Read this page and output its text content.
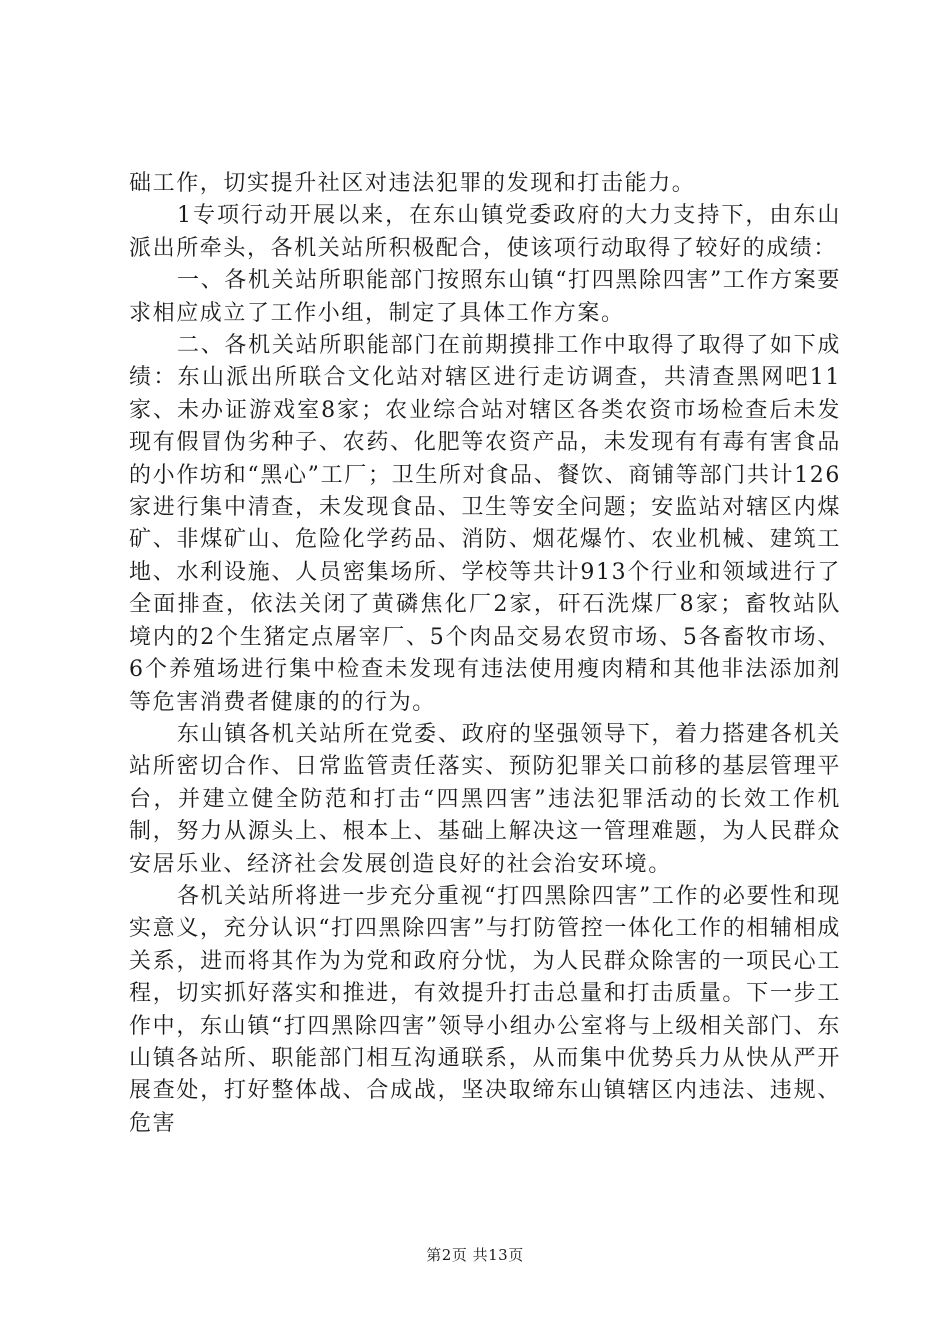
础工作，切实提升社区对违法犯罪的发现和打击能力。

1专项行动开展以来，在东山镇党委政府的大力支持下，由东山派出所牵头，各机关站所积极配合，使该项行动取得了较好的成绩：

一、各机关站所职能部门按照东山镇“打四黑除四害”工作方案要求相应成立了工作小组，制定了具体工作方案。

二、各机关站所职能部门在前期摸排工作中取得了取得了如下成绩：东山派出所联合文化站对辖区进行走访调查，共清查黑网吧11家、未办证游戏室8家；农业综合站对辖区各类农资市场检查后未发现有假冒伪劣种子、农药、化肥等农资产品，未发现有有毒有害食品的小作坊和“黑心”工厂；卫生所对食品、餐饮、商铺等部门共计126家进行集中清查，未发现食品、卫生等安全问题；安监站对辖区内煤矿、非煤矿山、危险化学药品、消防、烟花爆竹、农业机械、建筑工地、水利设施、人员密集场所、学校等共计913个行业和领域进行了全面排查，依法关闭了黄磷焦化厂2家，矸石洗煤厂8家；畜牧站队境内的2个生猪定点屠宰厂、5个肉品交易农贸市场、5各畜牧市场、6个养殖场进行集中检查未发现有违法使用瘦肉精和其他非法添加剂等危害消费者健康的的行为。

东山镇各机关站所在党委、政府的坚强领导下，着力搭建各机关站所密切合作、日常监管责任落实、预防犯罪关口前移的基层管理平台，并建立健全防范和打击“四黑四害”违法犯罪活动的长效工作机制，努力从源头上、根本上、基础上解决这一管理难题，为人民群众安居乐业、经济社会发展创造良好的社会治安环境。

各机关站所将进一步充分重视“打四黑除四害”工作的必要性和现实意义，充分认识“打四黑除四害”与打防管控一体化工作的相辅相成关系，进而将其作为为党和政府分忧，为人民群众除害的一项民心工程，切实抓好落实和推进，有效提升打击总量和打击质量。下一步工作中，东山镇“打四黑除四害”领导小组办公室将与上级相关部门、东山镇各站所、职能部门相互沟通联系，从而集中优势兵力从快从严开展查处，打好整体战、合成战，坚决取缔东山镇辖区内违法、违规、危害

第2页 共13页
